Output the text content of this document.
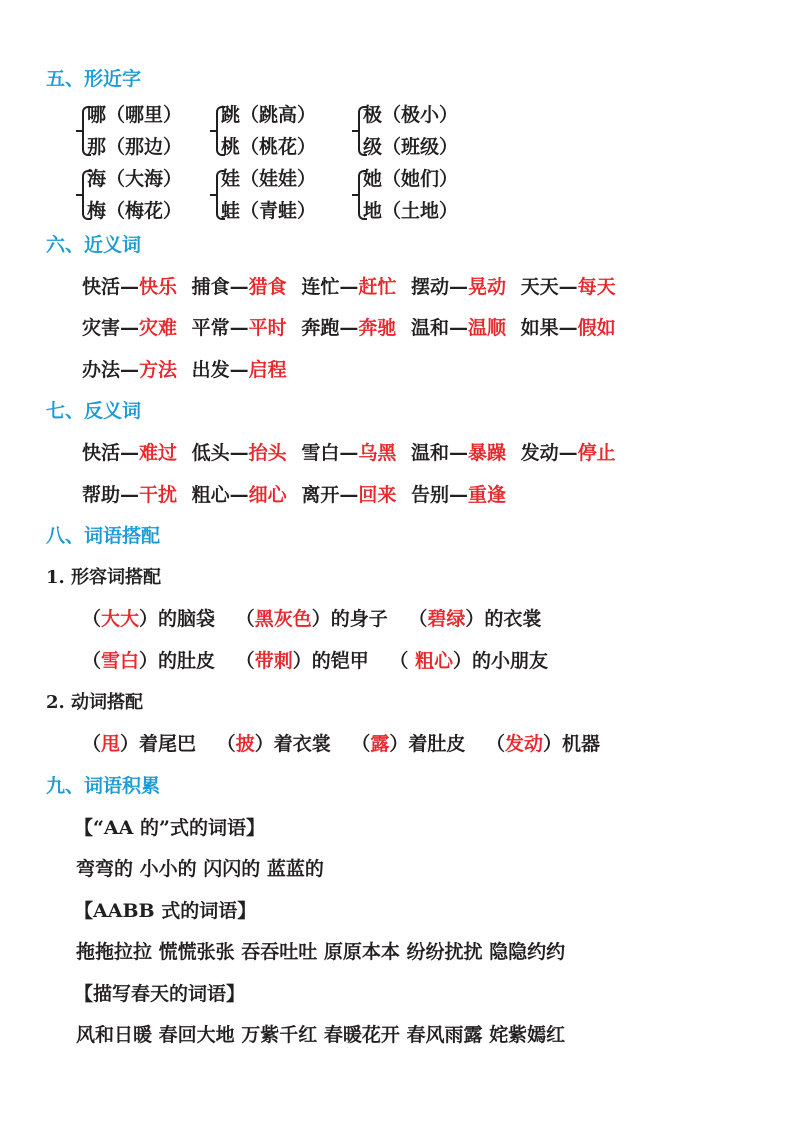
五、形近字
哪（哪里）
那（那边）
跳（跳高）
桃（桃花）
极（极小）
级（班级）
海（大海）
梅（梅花）
娃（娃娃）
蛙（青蛙）
她（她们）
地（土地）
六、近义词
快活—快乐 捕食—猎食 连忙—赶忙 摆动—晃动 天天—每天
灾害—灾难 平常—平时 奔跑—奔驰 温和—温顺 如果—假如
办法—方法 出发—启程
七、反义词
快活—难过 低头—抬头 雪白—乌黑 温和—暴躁 发动—停止
帮助—干扰 粗心—细心 离开—回来 告别—重逢
八、词语搭配
1. 形容词搭配
（大大）的脑袋 （黑灰色）的身子 （碧绿）的衣裳
（雪白）的肚皮 （带刺）的铠甲 （ 粗心）的小朋友
2. 动词搭配
（甩）着尾巴 （披）着衣裳 （露）着肚皮 （发动）机器
九、词语积累
【“AA 的”式的词语】
弯弯的 小小的 闪闪的 蓝蓝的
【AABB 式的词语】
拖拖拉拉 慌慌张张 吞吞吐吐 原原本本 纷纷扰扰 隐隐约约
【描写春天的词语】
风和日暖 春回大地 万紫千红 春暖花开 春风雨露 姹紫嫣红
